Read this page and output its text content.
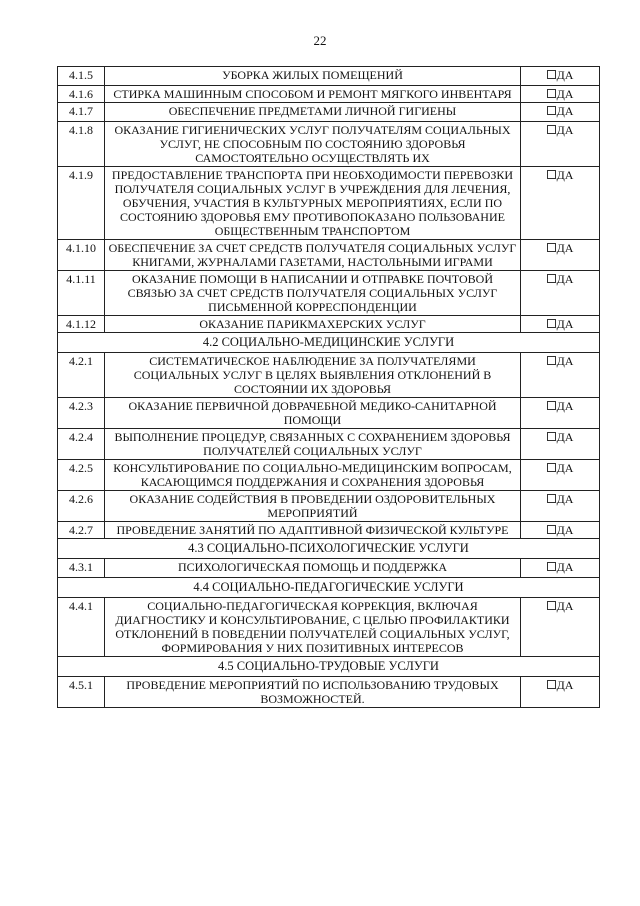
22
4.1.5	УБОРКА ЖИЛЫХ ПОМЕЩЕНИЙ	ДА
4.1.6	СТИРКА МАШИННЫМ СПОСОБОМ И РЕМОНТ МЯГКОГО ИНВЕНТАРЯ	ДА
4.1.7	ОБЕСПЕЧЕНИЕ ПРЕДМЕТАМИ ЛИЧНОЙ ГИГИЕНЫ	ДА
4.1.8	ОКАЗАНИЕ ГИГИЕНИЧЕСКИХ УСЛУГ ПОЛУЧАТЕЛЯМ СОЦИАЛЬНЫХ УСЛУГ, НЕ СПОСОБНЫМ ПО СОСТОЯНИЮ ЗДОРОВЬЯ САМОСТОЯТЕЛЬНО ОСУЩЕСТВЛЯТЬ ИХ	ДА
4.1.9	ПРЕДОСТАВЛЕНИЕ ТРАНСПОРТА ПРИ НЕОБХОДИМОСТИ ПЕРЕВОЗКИ ПОЛУЧАТЕЛЯ СОЦИАЛЬНЫХ УСЛУГ В УЧРЕЖДЕНИЯ ДЛЯ ЛЕЧЕНИЯ, ОБУЧЕНИЯ, УЧАСТИЯ В КУЛЬТУРНЫХ МЕРОПРИЯТИЯХ, ЕСЛИ ПО СОСТОЯНИЮ ЗДОРОВЬЯ ЕМУ ПРОТИВОПОКАЗАНО ПОЛЬЗОВАНИЕ ОБЩЕСТВЕННЫМ ТРАНСПОРТОМ	ДА
4.1.10	ОБЕСПЕЧЕНИЕ ЗА СЧЕТ СРЕДСТВ ПОЛУЧАТЕЛЯ СОЦИАЛЬНЫХ УСЛУГ КНИГАМИ, ЖУРНАЛАМИ ГАЗЕТАМИ, НАСТОЛЬНЫМИ ИГРАМИ	ДА
4.1.11	ОКАЗАНИЕ ПОМОЩИ В НАПИСАНИИ И ОТПРАВКЕ ПОЧТОВОЙ СВЯЗЬЮ ЗА СЧЕТ СРЕДСТВ ПОЛУЧАТЕЛЯ СОЦИАЛЬНЫХ УСЛУГ ПИСЬМЕННОЙ КОРРЕСПОНДЕНЦИИ	ДА
4.1.12	ОКАЗАНИЕ ПАРИКМАХЕРСКИХ УСЛУГ	ДА
4.2 СОЦИАЛЬНО-МЕДИЦИНСКИЕ УСЛУГИ		
4.2.1	СИСТЕМАТИЧЕСКОЕ НАБЛЮДЕНИЕ ЗА ПОЛУЧАТЕЛЯМИ СОЦИАЛЬНЫХ УСЛУГ В ЦЕЛЯХ ВЫЯВЛЕНИЯ ОТКЛОНЕНИЙ В СОСТОЯНИИ ИХ ЗДОРОВЬЯ	ДА
4.2.3	ОКАЗАНИЕ ПЕРВИЧНОЙ ДОВРАЧЕБНОЙ МЕДИКО-САНИТАРНОЙ ПОМОЩИ	ДА
4.2.4	ВЫПОЛНЕНИЕ ПРОЦЕДУР, СВЯЗАННЫХ С СОХРАНЕНИЕМ ЗДОРОВЬЯ ПОЛУЧАТЕЛЕЙ СОЦИАЛЬНЫХ УСЛУГ	ДА
4.2.5	КОНСУЛЬТИРОВАНИЕ ПО СОЦИАЛЬНО-МЕДИЦИНСКИМ ВОПРОСАМ, КАСАЮЩИМСЯ ПОДДЕРЖАНИЯ И СОХРАНЕНИЯ ЗДОРОВЬЯ	ДА
4.2.6	ОКАЗАНИЕ СОДЕЙСТВИЯ В ПРОВЕДЕНИИ ОЗДОРОВИТЕЛЬНЫХ МЕРОПРИЯТИЙ	ДА
4.2.7	ПРОВЕДЕНИЕ ЗАНЯТИЙ ПО АДАПТИВНОЙ ФИЗИЧЕСКОЙ КУЛЬТУРЕ	ДА
4.3 СОЦИАЛЬНО-ПСИХОЛОГИЧЕСКИЕ УСЛУГИ		
4.3.1	ПСИХОЛОГИЧЕСКАЯ ПОМОЩЬ И ПОДДЕРЖКА	ДА
4.4 СОЦИАЛЬНО-ПЕДАГОГИЧЕСКИЕ УСЛУГИ		
4.4.1	СОЦИАЛЬНО-ПЕДАГОГИЧЕСКАЯ КОРРЕКЦИЯ, ВКЛЮЧАЯ ДИАГНОСТИКУ И КОНСУЛЬТИРОВАНИЕ, С ЦЕЛЬЮ ПРОФИЛАКТИКИ ОТКЛОНЕНИЙ В ПОВЕДЕНИИ ПОЛУЧАТЕЛЕЙ СОЦИАЛЬНЫХ УСЛУГ, ФОРМИРОВАНИЯ У НИХ ПОЗИТИВНЫХ ИНТЕРЕСОВ	ДА
4.5 СОЦИАЛЬНО-ТРУДОВЫЕ УСЛУГИ		
4.5.1	ПРОВЕДЕНИЕ МЕРОПРИЯТИЙ ПО ИСПОЛЬЗОВАНИЮ ТРУДОВЫХ ВОЗМОЖНОСТЕЙ.	ДА
